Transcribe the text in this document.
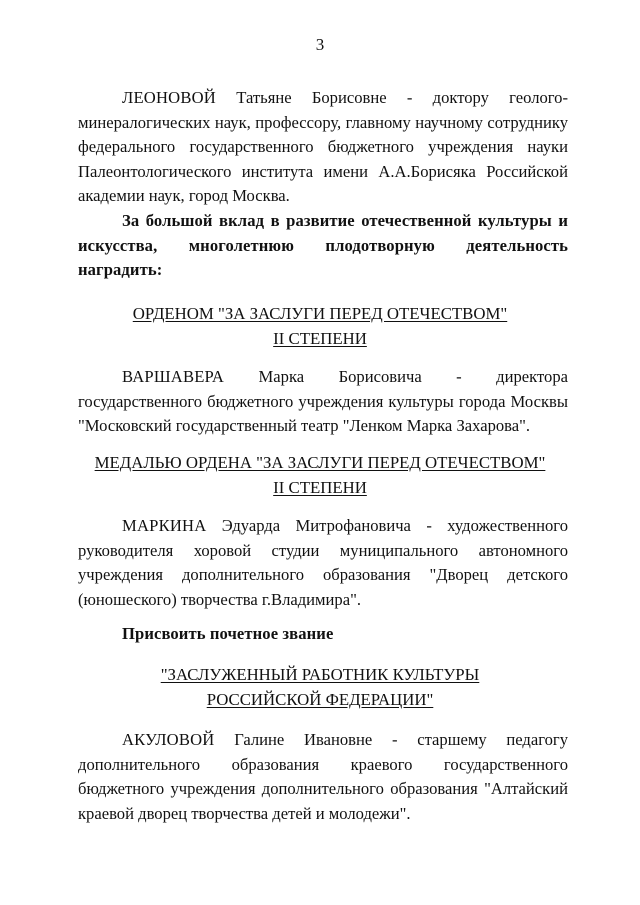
3

ЛЕОНОВОЙ Татьяне Борисовне - доктору геолого-минералогических наук, профессору, главному научному сотруднику федерального государственного бюджетного учреждения науки Палеонтологического института имени А.А.Борисяка Российской академии наук, город Москва.

За большой вклад в развитие отечественной культуры и искусства, многолетнюю плодотворную деятельность наградить:

ОРДЕНОМ "ЗА ЗАСЛУГИ ПЕРЕД ОТЕЧЕСТВОМ"
II СТЕПЕНИ

ВАРШАВЕРА Марка Борисовича - директора государственного бюджетного учреждения культуры города Москвы "Московский государственный театр "Ленком Марка Захарова".

МЕДАЛЬЮ ОРДЕНА "ЗА ЗАСЛУГИ ПЕРЕД ОТЕЧЕСТВОМ"
II СТЕПЕНИ

МАРКИНА Эдуарда Митрофановича - художественного руководителя хоровой студии муниципального автономного учреждения дополнительного образования "Дворец детского (юношеского) творчества г.Владимира".

Присвоить почетное звание

"ЗАСЛУЖЕННЫЙ РАБОТНИК КУЛЬТУРЫ
РОССИЙСКОЙ ФЕДЕРАЦИИ"

АКУЛОВОЙ Галине Ивановне - старшему педагогу дополнительного образования краевого государственного бюджетного учреждения дополнительного образования "Алтайский краевой дворец творчества детей и молодежи".
